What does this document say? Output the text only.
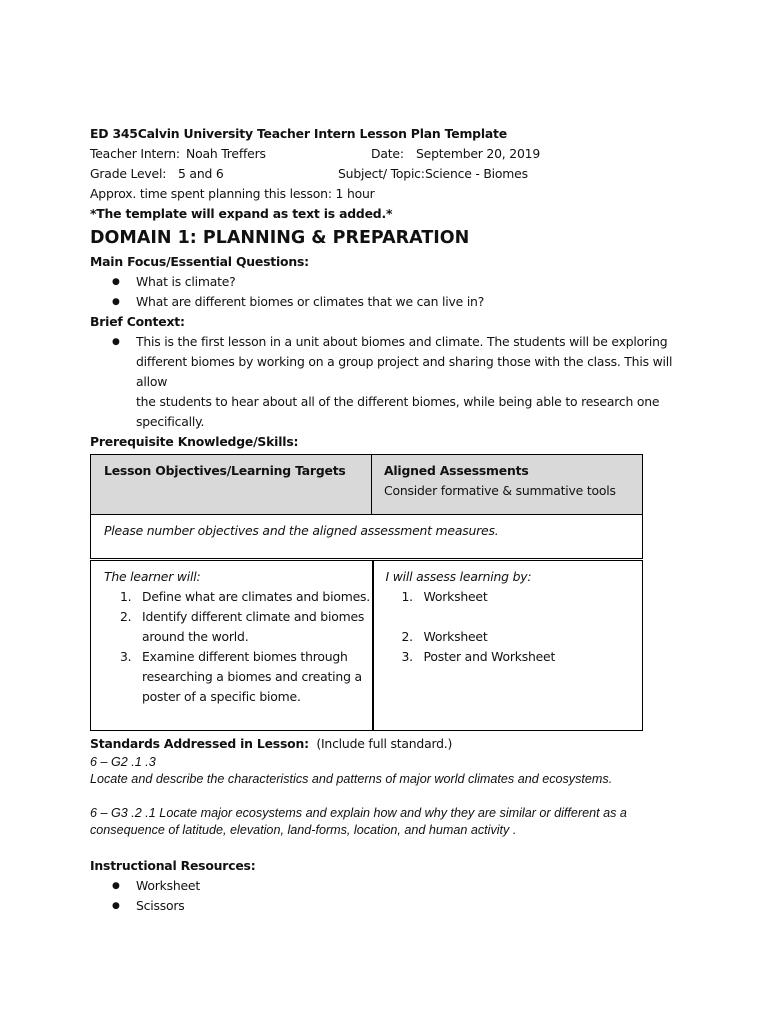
ED 345Calvin University Teacher Intern Lesson Plan Template
Teacher Intern: Noah Treffers	Date: September 20, 2019
Grade Level: 5 and 6	Subject/ Topic: Science - Biomes
Approx. time spent planning this lesson: 1 hour
*The template will expand as text is added.*
DOMAIN 1: PLANNING & PREPARATION
Main Focus/Essential Questions:
● What is climate?
● What are different biomes or climates that we can live in?
Brief Context:
● This is the first lesson in a unit about biomes and climate. The students will be exploring
different biomes by working on a group project and sharing those with the class. This will allow
the students to hear about all of the different biomes, while being able to research one
specifically.
Prerequisite Knowledge/Skills:
Lesson Objectives/Learning Targets	Aligned Assessments
Consider formative & summative tools
Please number objectives and the aligned assessment measures.
The learner will:
1. Define what are climates and biomes.
2. Identify different climate and biomes
around the world.
3. Examine different biomes through
researching a biomes and creating a
poster of a specific biome.
I will assess learning by:
1. Worksheet
2. Worksheet
3. Poster and Worksheet
Standards Addressed in Lesson: (Include full standard.)
6 – G2 .1 .3
Locate and describe the characteristics and patterns of major world climates and ecosystems.
6 – G3 .2 .1 Locate major ecosystems and explain how and why they are similar or different as a
consequence of latitude, elevation, land-forms, location, and human activity .
Instructional Resources:
● Worksheet
● Scissors
